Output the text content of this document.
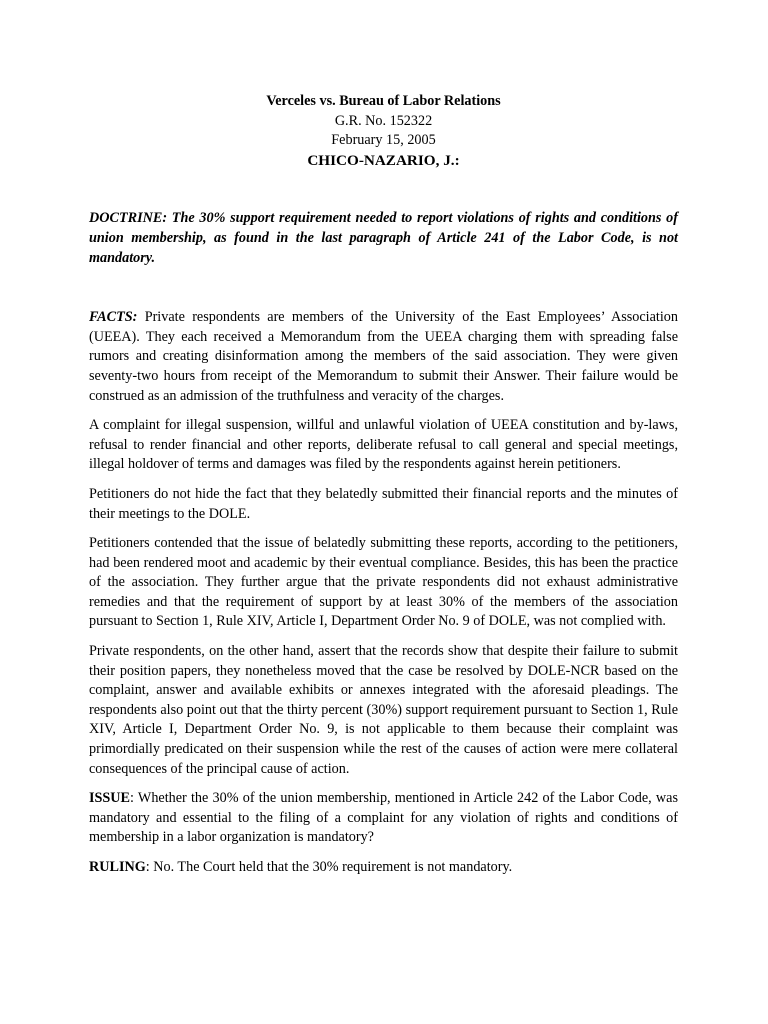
Verceles vs. Bureau of Labor Relations
G.R. No. 152322
February 15, 2005
CHICO-NAZARIO, J.:
DOCTRINE: The 30% support requirement needed to report violations of rights and conditions of union membership, as found in the last paragraph of Article 241 of the Labor Code, is not mandatory.
FACTS: Private respondents are members of the University of the East Employees’ Association (UEEA). They each received a Memorandum from the UEEA charging them with spreading false rumors and creating disinformation among the members of the said association. They were given seventy-two hours from receipt of the Memorandum to submit their Answer. Their failure would be construed as an admission of the truthfulness and veracity of the charges.
A complaint for illegal suspension, willful and unlawful violation of UEEA constitution and by-laws, refusal to render financial and other reports, deliberate refusal to call general and special meetings, illegal holdover of terms and damages was filed by the respondents against herein petitioners.
Petitioners do not hide the fact that they belatedly submitted their financial reports and the minutes of their meetings to the DOLE.
Petitioners contended that the issue of belatedly submitting these reports, according to the petitioners, had been rendered moot and academic by their eventual compliance. Besides, this has been the practice of the association. They further argue that the private respondents did not exhaust administrative remedies and that the requirement of support by at least 30% of the members of the association pursuant to Section 1, Rule XIV, Article I, Department Order No. 9 of DOLE, was not complied with.
Private respondents, on the other hand, assert that the records show that despite their failure to submit their position papers, they nonetheless moved that the case be resolved by DOLE-NCR based on the complaint, answer and available exhibits or annexes integrated with the aforesaid pleadings. The respondents also point out that the thirty percent (30%) support requirement pursuant to Section 1, Rule XIV, Article I, Department Order No. 9, is not applicable to them because their complaint was primordially predicated on their suspension while the rest of the causes of action were mere collateral consequences of the principal cause of action.
ISSUE: Whether the 30% of the union membership, mentioned in Article 242 of the Labor Code, was mandatory and essential to the filing of a complaint for any violation of rights and conditions of membership in a labor organization is mandatory?
RULING: No. The Court held that the 30% requirement is not mandatory.
